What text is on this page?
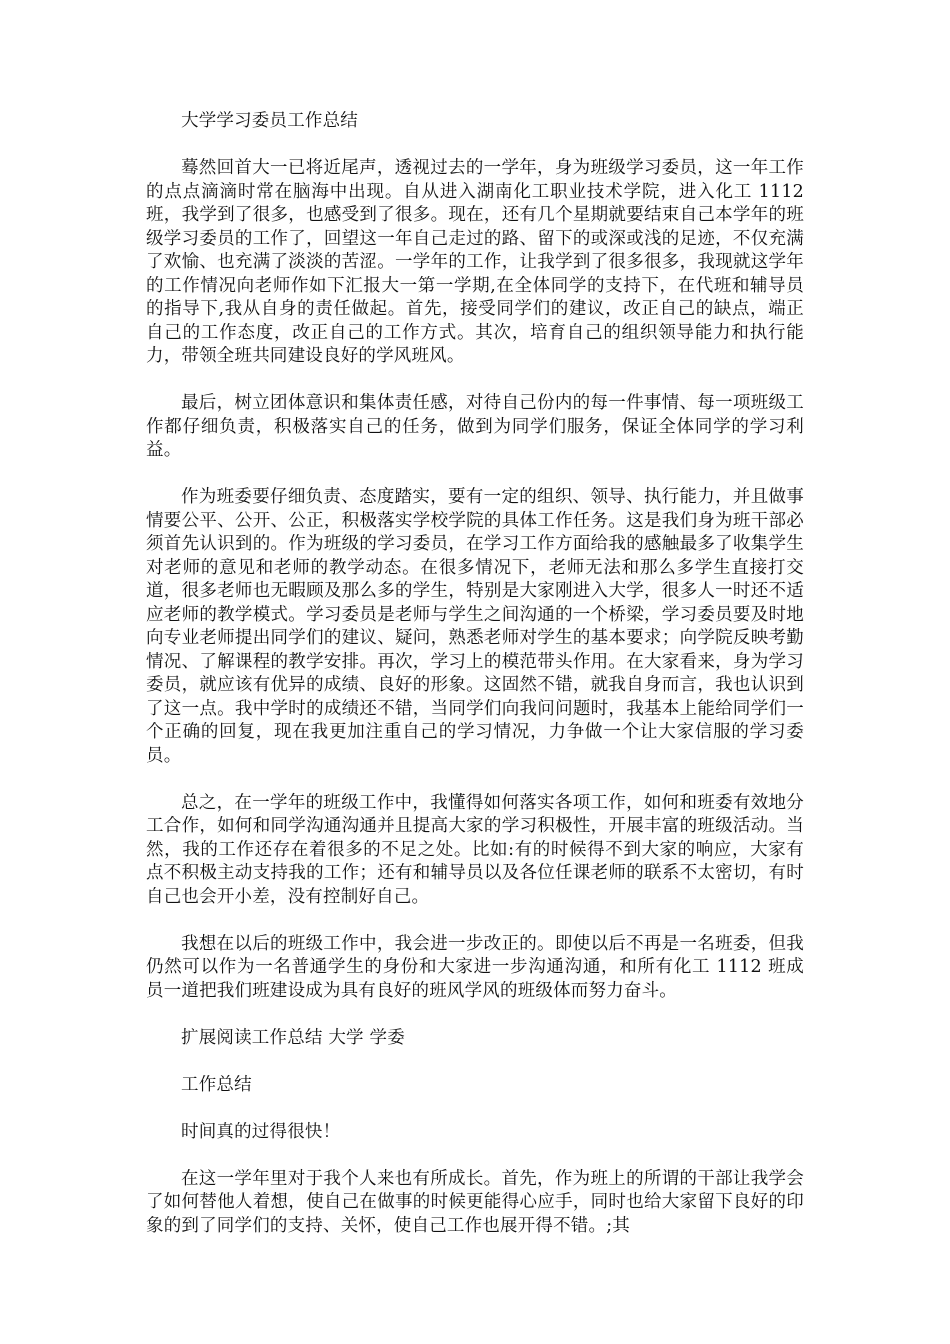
大学学习委员工作总结

蓦然回首大一已将近尾声，透视过去的一学年，身为班级学习委员，这一年工作的点点滴滴时常在脑海中出现。自从进入湖南化工职业技术学院，进入化工 1112 班，我学到了很多，也感受到了很多。现在，还有几个星期就要结束自己本学年的班级学习委员的工作了，回望这一年自己走过的路、留下的或深或浅的足迹，不仅充满了欢愉、也充满了淡淡的苦涩。一学年的工作，让我学到了很多很多，我现就这学年的工作情况向老师作如下汇报大一第一学期,在全体同学的支持下，在代班和辅导员的指导下,我从自身的责任做起。首先，接受同学们的建议，改正自己的缺点，端正自己的工作态度，改正自己的工作方式。其次，培育自己的组织领导能力和执行能力，带领全班共同建设良好的学风班风。

最后，树立团体意识和集体责任感，对待自己份内的每一件事情、每一项班级工作都仔细负责，积极落实自己的任务，做到为同学们服务，保证全体同学的学习利益。

作为班委要仔细负责、态度踏实，要有一定的组织、领导、执行能力，并且做事情要公平、公开、公正，积极落实学校学院的具体工作任务。这是我们身为班干部必须首先认识到的。作为班级的学习委员，在学习工作方面给我的感触最多了收集学生对老师的意见和老师的教学动态。在很多情况下，老师无法和那么多学生直接打交道，很多老师也无暇顾及那么多的学生，特别是大家刚进入大学，很多人一时还不适应老师的教学模式。学习委员是老师与学生之间沟通的一个桥梁，学习委员要及时地向专业老师提出同学们的建议、疑问，熟悉老师对学生的基本要求；向学院反映考勤情况、了解课程的教学安排。再次，学习上的模范带头作用。在大家看来，身为学习委员，就应该有优异的成绩、良好的形象。这固然不错，就我自身而言，我也认识到了这一点。我中学时的成绩还不错，当同学们向我问问题时，我基本上能给同学们一个正确的回复，现在我更加注重自己的学习情况，力争做一个让大家信服的学习委员。

总之，在一学年的班级工作中，我懂得如何落实各项工作，如何和班委有效地分工合作，如何和同学沟通沟通并且提高大家的学习积极性，开展丰富的班级活动。当然，我的工作还存在着很多的不足之处。比如:有的时候得不到大家的响应，大家有点不积极主动支持我的工作；还有和辅导员以及各位任课老师的联系不太密切，有时自己也会开小差，没有控制好自己。

我想在以后的班级工作中，我会进一步改正的。即使以后不再是一名班委，但我仍然可以作为一名普通学生的身份和大家进一步沟通沟通，和所有化工 1112 班成员一道把我们班建设成为具有良好的班风学风的班级体而努力奋斗。

扩展阅读工作总结 大学 学委

工作总结

时间真的过得很快！

在这一学年里对于我个人来也有所成长。首先，作为班上的所谓的干部让我学会了如何替他人着想，使自己在做事的时候更能得心应手，同时也给大家留下良好的印象的到了同学们的支持、关怀，使自己工作也展开得不错。;其
